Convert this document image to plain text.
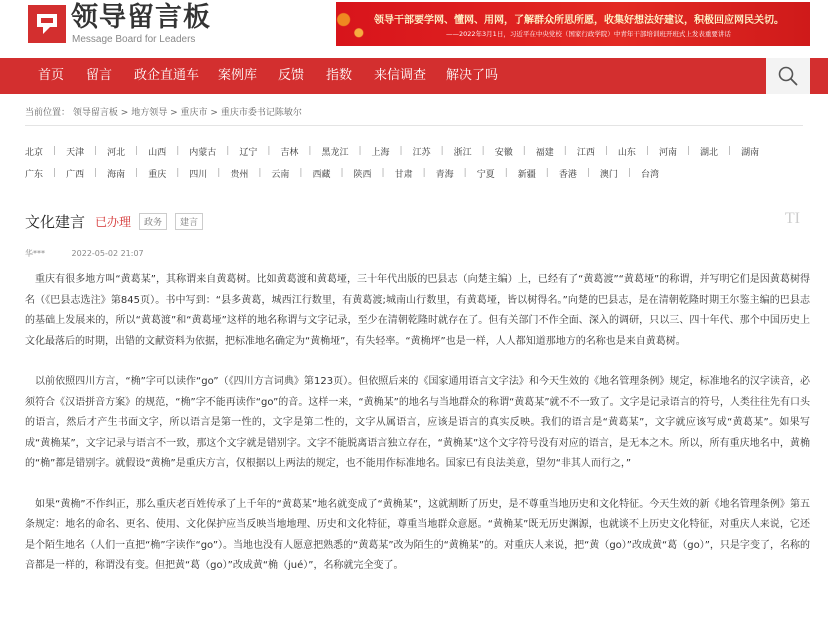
领导留言板
Message Board for Leaders
领导干部要学网、懂网、用网，了解群众所思所愿，收集好想法好建议，积极回应网民关切。
——2022年3月1日，习近平在中央党校（国家行政学院）中青年干部培训班开班式上发表重要讲话
首页 留言 政企直通车 案例库 反馈 指数 来信调查 解决了吗
当前位置： 领导留言板 > 地方领导 > 重庆市 > 重庆市委书记陈敏尔
北京	|	天津	|	河北	|	山西	|	内蒙古	|	辽宁	|	吉林	|	黑龙江	|	上海	|	江苏	|	浙江	|	安徽	|	福建	|	江西	|	山东	|	河南	|	湖北	|	湖南
广东	|	广西	|	海南	|	重庆	|	四川	|	贵州	|	云南	|	西藏	|	陕西	|	甘肃	|	青海	|	宁夏	|	新疆	|	香港	|	澳门	|	台湾
文化建言 已办理	政务	建言	TI
华***	2022-05-02 21:07

重庆有很多地方叫“黄葛某”，其称谓来自黄葛树。比如黄葛渡和黄葛垭，三十年代出版的巴县志（向楚主编）上，已经有了“黄葛渡”“黄葛垭”的称谓，并写明它们是因黄葛树得名（《巴县志选注》第845页）。书中写到：“县多黄葛，城西江行数里，有黄葛渡;城南山行数里，有黄葛垭，皆以树得名。”向楚的巴县志，是在清朝乾隆时期王尔鉴主编的巴县志的基础上发展来的，所以“黄葛渡”和“黄葛垭”这样的地名称谓与文字记录，至少在清朝乾隆时就存在了。但有关部门不作全面、深入的调研，只以三、四十年代、那个中国历史上文化最落后的时期，出错的文献资料为依据，把标准地名确定为“黄桷垭”，有失轻率。“黄桷坪”也是一样，人人都知道那地方的名称也是来自黄葛树。

以前依照四川方言，“桷”字可以读作“go”（《四川方言词典》第123页）。但依照后来的《国家通用语言文字法》和今天生效的《地名管理条例》规定，标准地名的汉字读音，必须符合《汉语拼音方案》的规范，“桷”字不能再读作“go”的音。这样一来，“黄桷某”的地名与当地群众的称谓“黄葛某”就不不一致了。文字是记录语言的符号，人类往往先有口头的语言，然后才产生书面文字，所以语言是第一性的，文字是第二性的，文字从属语言，应该是语言的真实反映。我们的语言是“黄葛某”，文字就应该写成“黄葛某”。如果写成“黄桷某”，文字记录与语言不一致，那这个文字就是错别字。文字不能脱离语言独立存在，“黄桷某”这个文字符号没有对应的语言，是无本之木。所以，所有重庆地名中，黄桷的“桷”都是错别字。就假设“黄桷”是重庆方言，仅根据以上两法的规定，也不能用作标准地名。国家已有良法美意，望勿“非其人而行之，”

如果“黄桷”不作纠正，那么重庆老百姓传承了上千年的“黄葛某”地名就变成了“黄桷某”，这就割断了历史，是不尊重当地历史和文化特征。今天生效的新《地名管理条例》第五条规定：地名的命名、更名、使用、文化保护应当反映当地地理、历史和文化特征，尊重当地群众意愿。“黄桷某”既无历史渊源，也就谈不上历史文化特征，对重庆人来说，它还是个陌生地名（人们一直把“桷”字读作“go”）。当地也没有人愿意把熟悉的“黄葛某”改为陌生的“黄桷某”的。对重庆人来说，把“黄（go）”改成黄“葛（go）”，只是字变了，名称的音都是一样的，称谓没有变。但把黄“葛（go）”改成黄“桷（jué）”，名称就完全变了。
